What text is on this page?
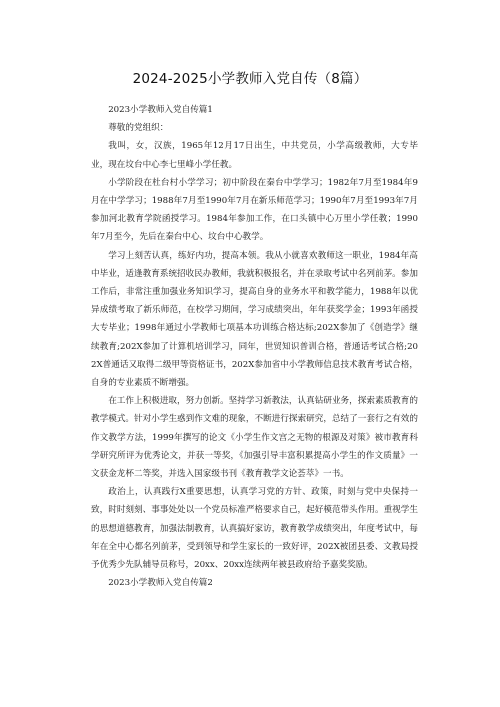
2024-2025小学教师入党自传（8篇）

2023小学教师入党自传篇1

尊敬的党组织：

我叫，女，汉族，1965年12月17日出生，中共党员，小学高级教师，大专毕业，现在坟台中心李七里峰小学任教。

小学阶段在杜台村小学学习；初中阶段在秦台中学学习；1982年7月至1984年9月在中学学习；1988年7月至1990年7月在新乐师范学习；1990年7月至1993年7月参加河北教育学院函授学习。1984年参加工作，在口头镇中心万里小学任教；1990年7月至今，先后在秦台中心、坟台中心教学。

学习上刻苦认真，练好内功，提高本领。我从小就喜欢教师这一职业，1984年高中毕业，适逢教育系统招收民办教师，我就积极报名，并在录取考试中名列前茅。参加工作后，非常注重加强业务知识学习，提高自身的业务水平和教学能力，1988年以优异成绩考取了新乐师范，在校学习期间，学习成绩突出，年年获奖学金；1993年函授大专毕业；1998年通过小学教师七项基本功训练合格达标;202X参加了《创造学》继续教育;202X参加了计算机培训学习，同年，世贸知识普训合格，普通话考试合格;202X普通话又取得二级甲等资格证书，202X参加省中小学教师信息技术教育考试合格，自身的专业素质不断增强。

在工作上积极进取，努力创新。坚持学习新教法，认真钻研业务，探索素质教育的教学模式。针对小学生惑到作文难的现象，不断进行探索研究，总结了一套行之有效的作文教学方法，1999年撰写的论文《小学生作文宫之无物的根源及对策》被市教育科学研究所评为优秀论文，并获一等奖，《加强引导丰富积累提高小学生的作文质量》一文获金龙杯二等奖，并选入国家级书刊《教育教学文论荟萃》一书。

政治上，认真践行X重要思想，认真学习党的方针、政策，时刻与党中央保持一致，时时刻刻、事事处处以一个党员标准严格要求自己，起好模范带头作用。重视学生的思想道德教育，加强法制教育，认真搞好家访，教育教学成绩突出，年度考试中，每年在全中心都名列前茅，受到领导和学生家长的一致好评，202X被团县委、文教局授予优秀少先队辅导员称号，20xx、20xx连续两年被县政府给予嘉奖奖励。

2023小学教师入党自传篇2
